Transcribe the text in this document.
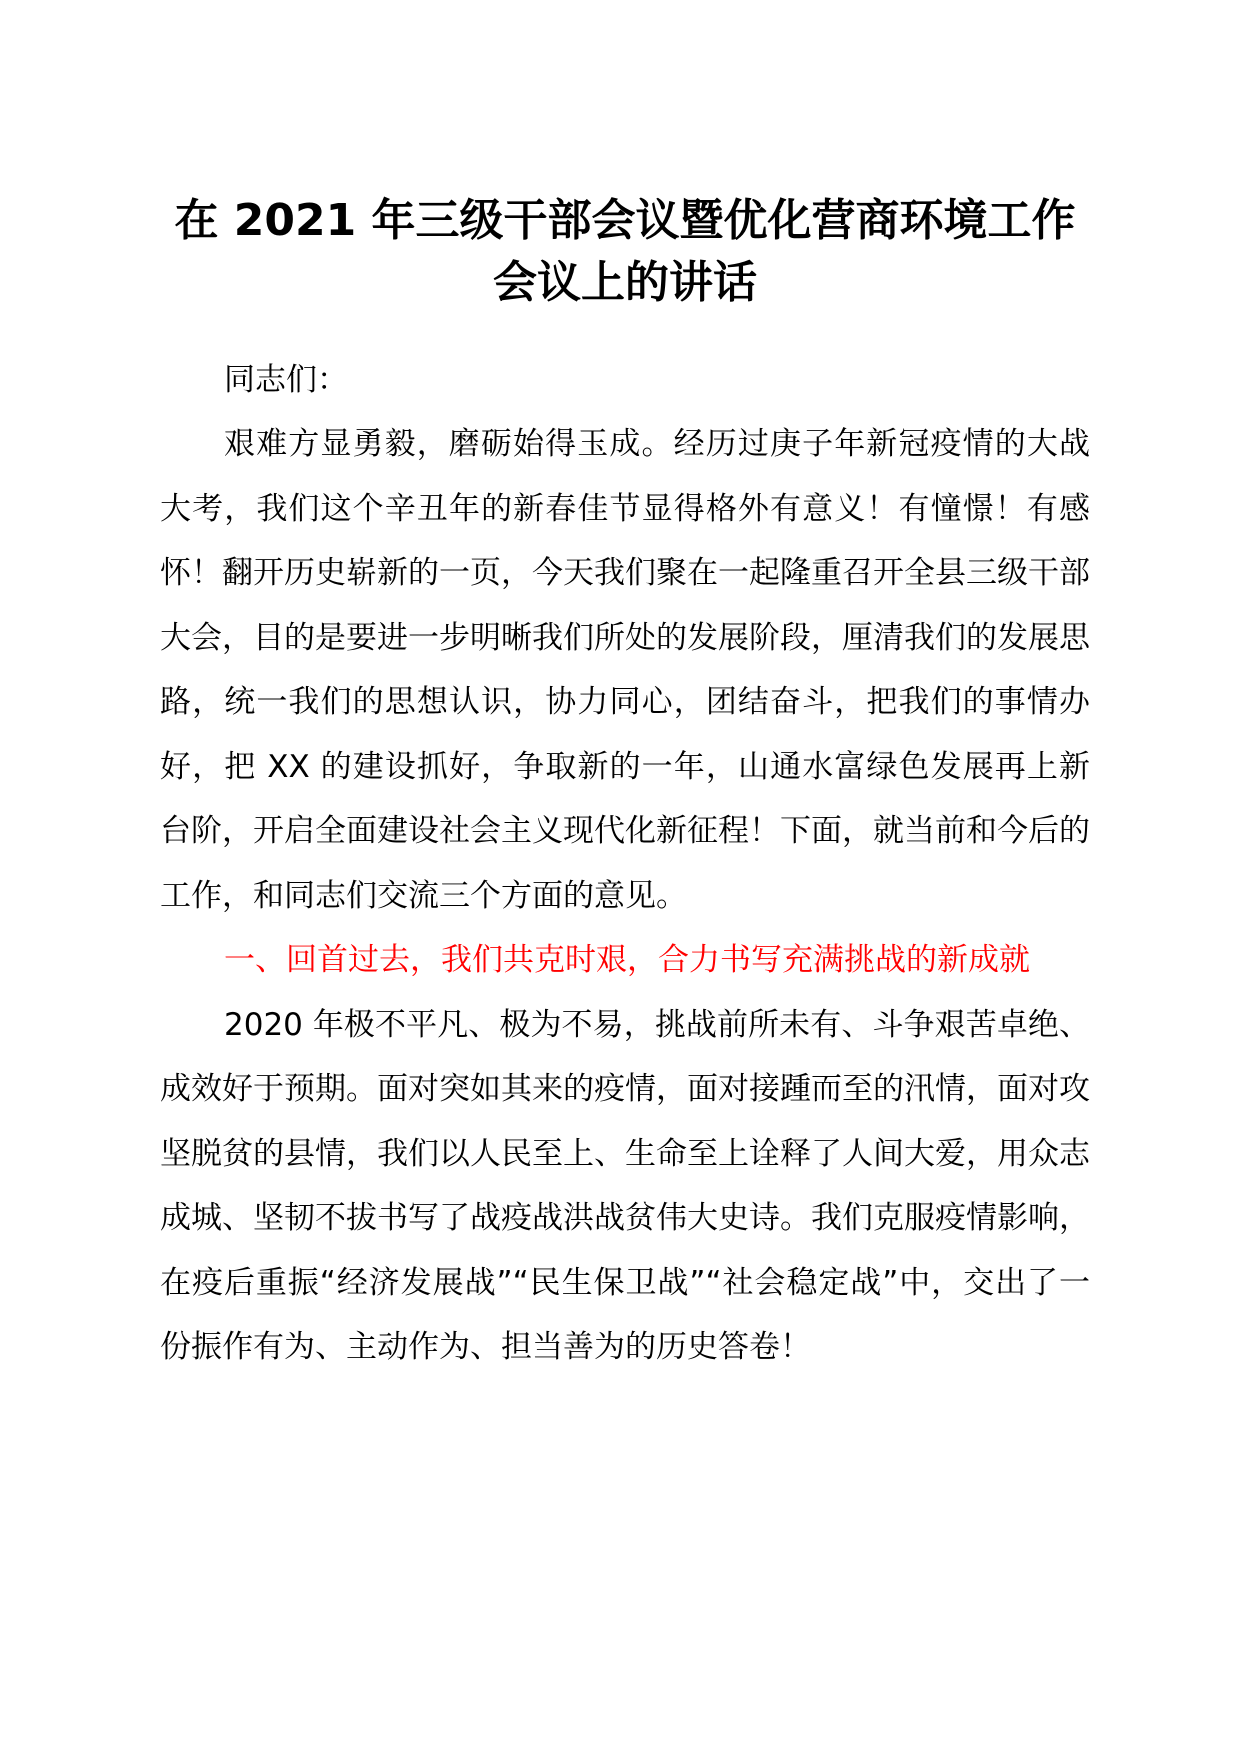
在 2021 年三级干部会议暨优化营商环境工作
会议上的讲话

同志们：

艰难方显勇毅，磨砺始得玉成。经历过庚子年新冠疫情的大战大考，我们这个辛丑年的新春佳节显得格外有意义！有憧憬！有感怀！翻开历史崭新的一页，今天我们聚在一起隆重召开全县三级干部大会，目的是要进一步明晰我们所处的发展阶段，厘清我们的发展思路，统一我们的思想认识，协力同心，团结奋斗，把我们的事情办好，把 XX 的建设抓好，争取新的一年，山通水富绿色发展再上新台阶，开启全面建设社会主义现代化新征程！下面，就当前和今后的工作，和同志们交流三个方面的意见。

一、回首过去，我们共克时艰，合力书写充满挑战的新成就

2020 年极不平凡、极为不易，挑战前所未有、斗争艰苦卓绝、成效好于预期。面对突如其来的疫情，面对接踵而至的汛情，面对攻坚脱贫的县情，我们以人民至上、生命至上诠释了人间大爱，用众志成城、坚韧不拔书写了战疫战洪战贫伟大史诗。我们克服疫情影响，在疫后重振“经济发展战”“民生保卫战”“社会稳定战”中，交出了一份振作有为、主动作为、担当善为的历史答卷！
